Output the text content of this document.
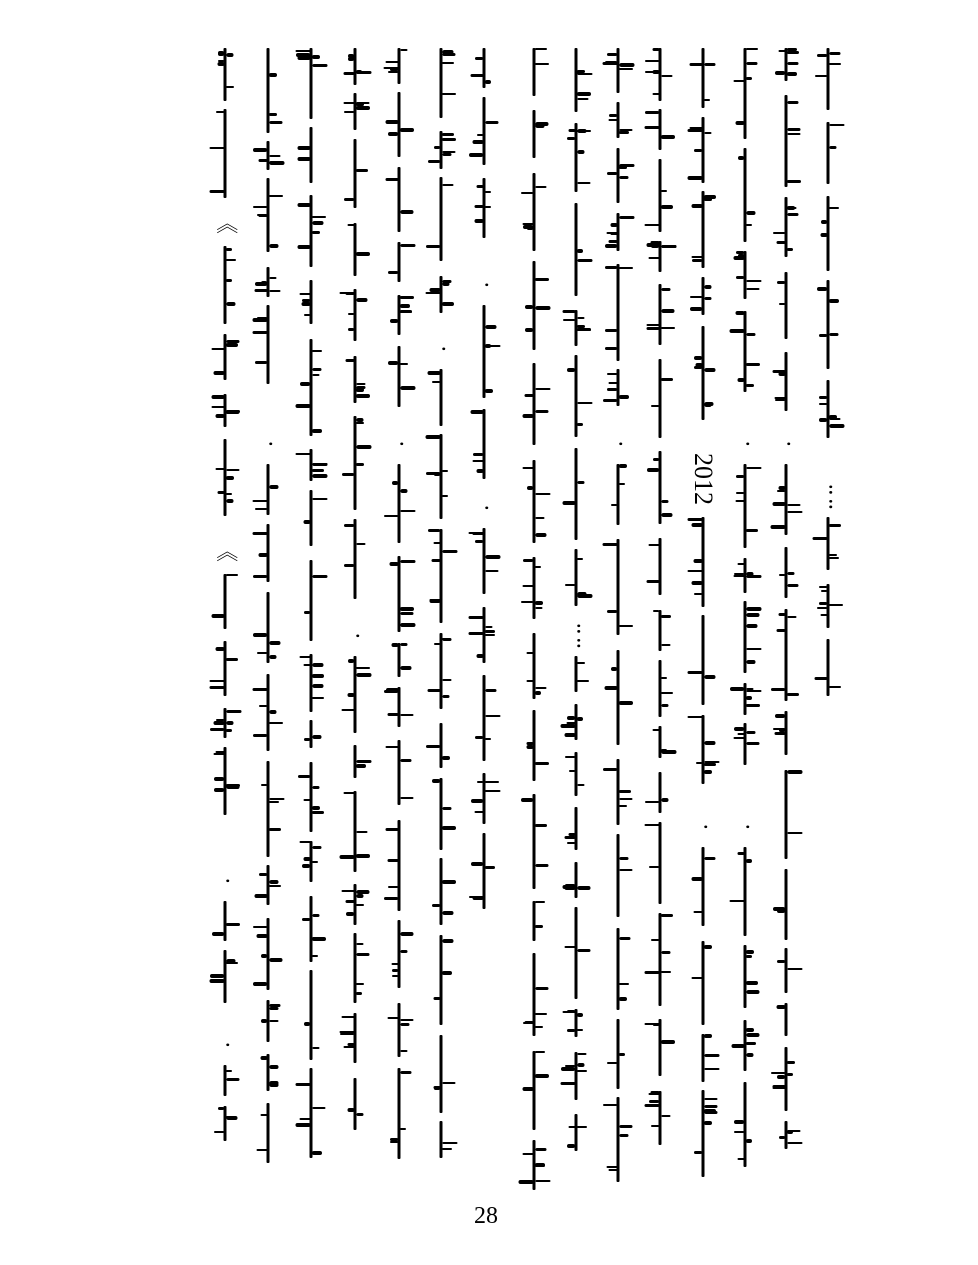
᠃᠃
᠂
᠂
᠂
2012
᠂
᠂
᠃᠃
᠂
᠂
᠂
᠂
᠂
᠂
《
《
᠂
᠂
28
